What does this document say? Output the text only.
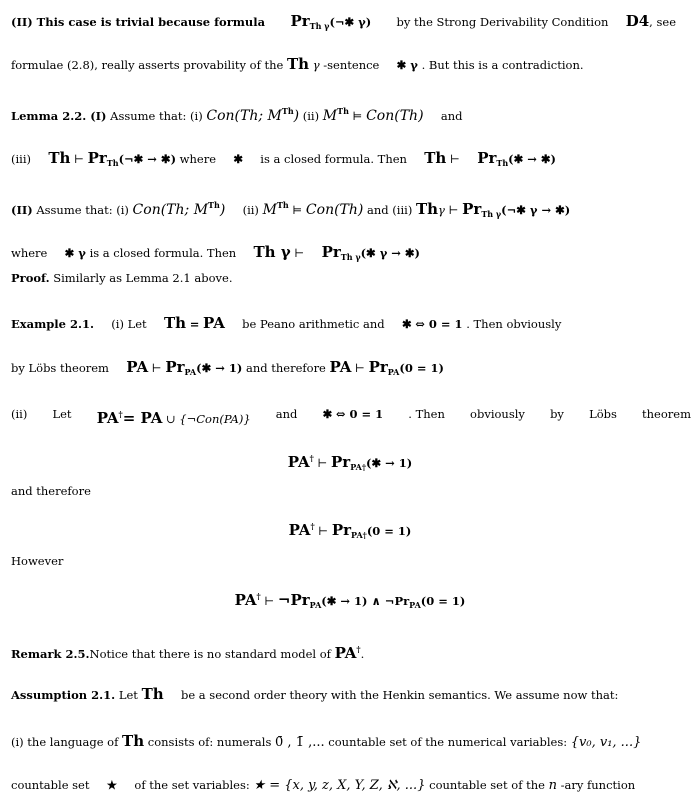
(II) This case is trivial because formula $Pr_{Th \gamma}(\neg✱$ γ) by the Strong Derivability Condition D4, see
formulae (2.8), really asserts provability of the Th γ -sentence ✱ γ . But this is a contradiction.
Lemma 2.2. (I) Assume that: (i) Con(Th; MTh) (ii) MTh ⊨ Con(Th) and
(iii) Th ⊢ $Pr_{Th}(\neg✱$ → ✱) where ✱ is a closed formula. Then Th ⊢ $Pr_{Th}(✱$ → ✱)
(II) Assume that: (i) Con(Th; MTh) (ii) MTh ⊨ Con(Th) and (iii) Thγ ⊢ $Pr_{Th \gamma}(\neg✱$ γ → ✱)
where ✱ γ is a closed formula. Then Th γ ⊢ $Pr_{Th \gamma}(✱$ γ → ✱)
Proof. Similarly as Lemma 2.1 above.
Example 2.1. (i) Let Th = PA be Peano arithmetic and ✱ ⇔ 0 = 1 . Then obviously
by Löbs theorem PA ⊢ $Pr_{PA}(✱ \to 1)$ and therefore PA ⊢ $Pr_{PA}(0 = 1)$
(ii) Let PA†= PA ∪ {¬Con(PA)} and ✱ ⇔ 0 = 1 . Then obviously by Löbs theorem
PA† ⊢ $Pr_{PA\dagger}(✱ \to 1)$
and therefore
PA† ⊢ $Pr_{PA\dagger}(0 = 1)$
However
PA† ⊢ $\neg Pr_{PA}(✱ \to 1)$ ∧ $\neg Pr_{PA}(0 = 1)$
Remark 2.5.Notice that there is no standard model of PA†.
Assumption 2.1. Let Th be a second order theory with the Henkin semantics. We assume now that:
(i) the language of Th consists of: numerals 0̄ , 1̄ ,... countable set of the numerical variables: {v₀, v₁, ...}
countable set ★ of the set variables: ★ = {x, y, z, X, Y, Z, ℵ, ...} countable set of the n -ary function
